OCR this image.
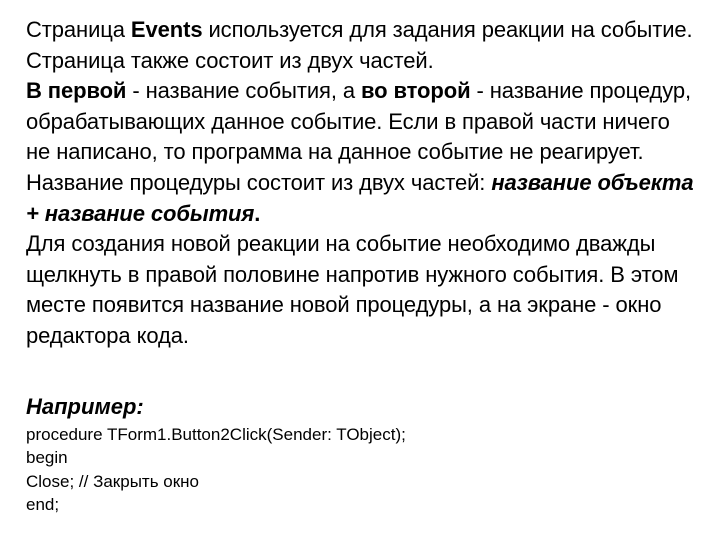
Страница Events используется для задания реакции на событие. Страница также состоит из двух частей.

В первой - название события, а во второй - название процедур, обрабатывающих данное событие. Если в правой части ничего не написано, то программа на данное событие не реагирует.

Название процедуры состоит из двух частей: название объекта + название события.

Для создания новой реакции на событие необходимо дважды щелкнуть в правой половине напротив нужного события. В этом месте появится название новой процедуры, а на экране - окно редактора кода.

Например:
procedure TForm1.Button2Click(Sender: TObject);
begin
Close; // Закрыть окно
end;
